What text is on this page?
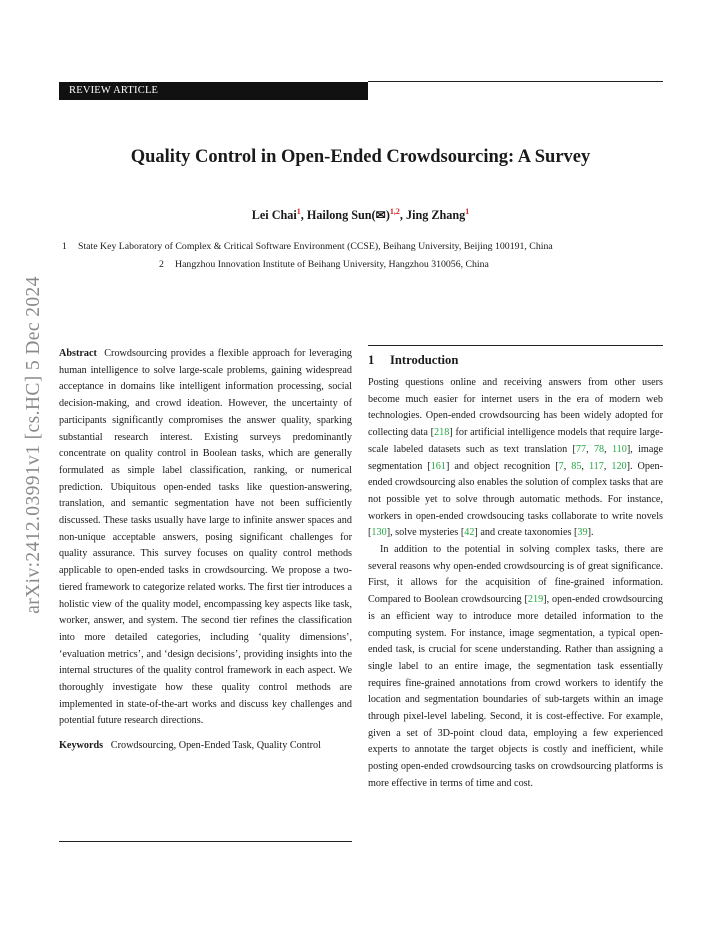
REVIEW ARTICLE
Quality Control in Open-Ended Crowdsourcing: A Survey
Lei Chai$^1$, Hailong Sun(✉)$^{1,2}$, Jing Zhang$^1$
1 State Key Laboratory of Complex & Critical Software Environment (CCSE), Beihang University, Beijing 100191, China
2 Hangzhou Innovation Institute of Beihang University, Hangzhou 310056, China
arXiv:2412.03991v1 [cs.HC] 5 Dec 2024 Abstract Crowdsourcing provides a flexible approach for leveraging human intelligence to solve large-scale problems, gaining widespread acceptance in domains like intelligent information processing, social decision-making, and crowd ideation. However, the uncertainty of participants significantly compromises the answer quality, sparking substantial research interest. Existing surveys predominantly concentrate on quality control in Boolean tasks, which are generally formulated as simple label classification, ranking, or numerical prediction. Ubiquitous open-ended tasks like question-answering, translation, and semantic segmentation have not been sufficiently discussed. These tasks usually have large to infinite answer spaces and non-unique acceptable answers, posing significant challenges for quality assurance. This survey focuses on quality control methods applicable to open-ended tasks in crowdsourcing. We propose a two-tiered framework to categorize related works. The first tier introduces a holistic view of the quality model, encompassing key aspects like task, worker, answer, and system. The second tier refines the classification into more detailed categories, including ‘quality dimensions’, ‘evaluation metrics’, and ‘design decisions’, providing insights into the internal structures of the quality control framework in each aspect. We thoroughly investigate how these quality control methods are implemented in state-of-the-art works and discuss key challenges and potential future research directions.
Keywords Crowdsourcing, Open-Ended Task, Quality Control
1 Introduction

Posting questions online and receiving answers from other users become much easier for internet users in the era of modern web technologies. Open-ended crowdsourcing has been widely adopted for collecting data [218] for artificial intelligence models that require large-scale labeled datasets such as text translation [77, 78, 110], image segmentation [161] and object recognition [7, 85, 117, 120]. Open-ended crowdsourcing also enables the solution of complex tasks that are not possible yet to solve through automatic methods. For instance, workers in open-ended crowdsoucing tasks collaborate to write novels [130], solve mysteries [42] and create taxonomies [39].

In addition to the potential in solving complex tasks, there are several reasons why open-ended crowdsourcing is of great significance. First, it allows for the acquisition of fine-grained information. Compared to Boolean crowdsourcing [219], open-ended crowdsourcing is an efficient way to introduce more detailed information to the computing system. For instance, image segmentation, a typical open-ended task, is crucial for scene understanding. Rather than assigning a single label to an entire image, the segmentation task essentially requires fine-grained annotations from crowd workers to identify the location and segmentation boundaries of sub-targets within an image through pixel-level labeling. Second, it is cost-effective. For example, given a set of 3D-point cloud data, employing a few experienced experts to annotate the target objects is costly and inefficient, while posting open-ended crowdsourcing tasks on crowdsourcing platforms is more effective in terms of time and cost.
